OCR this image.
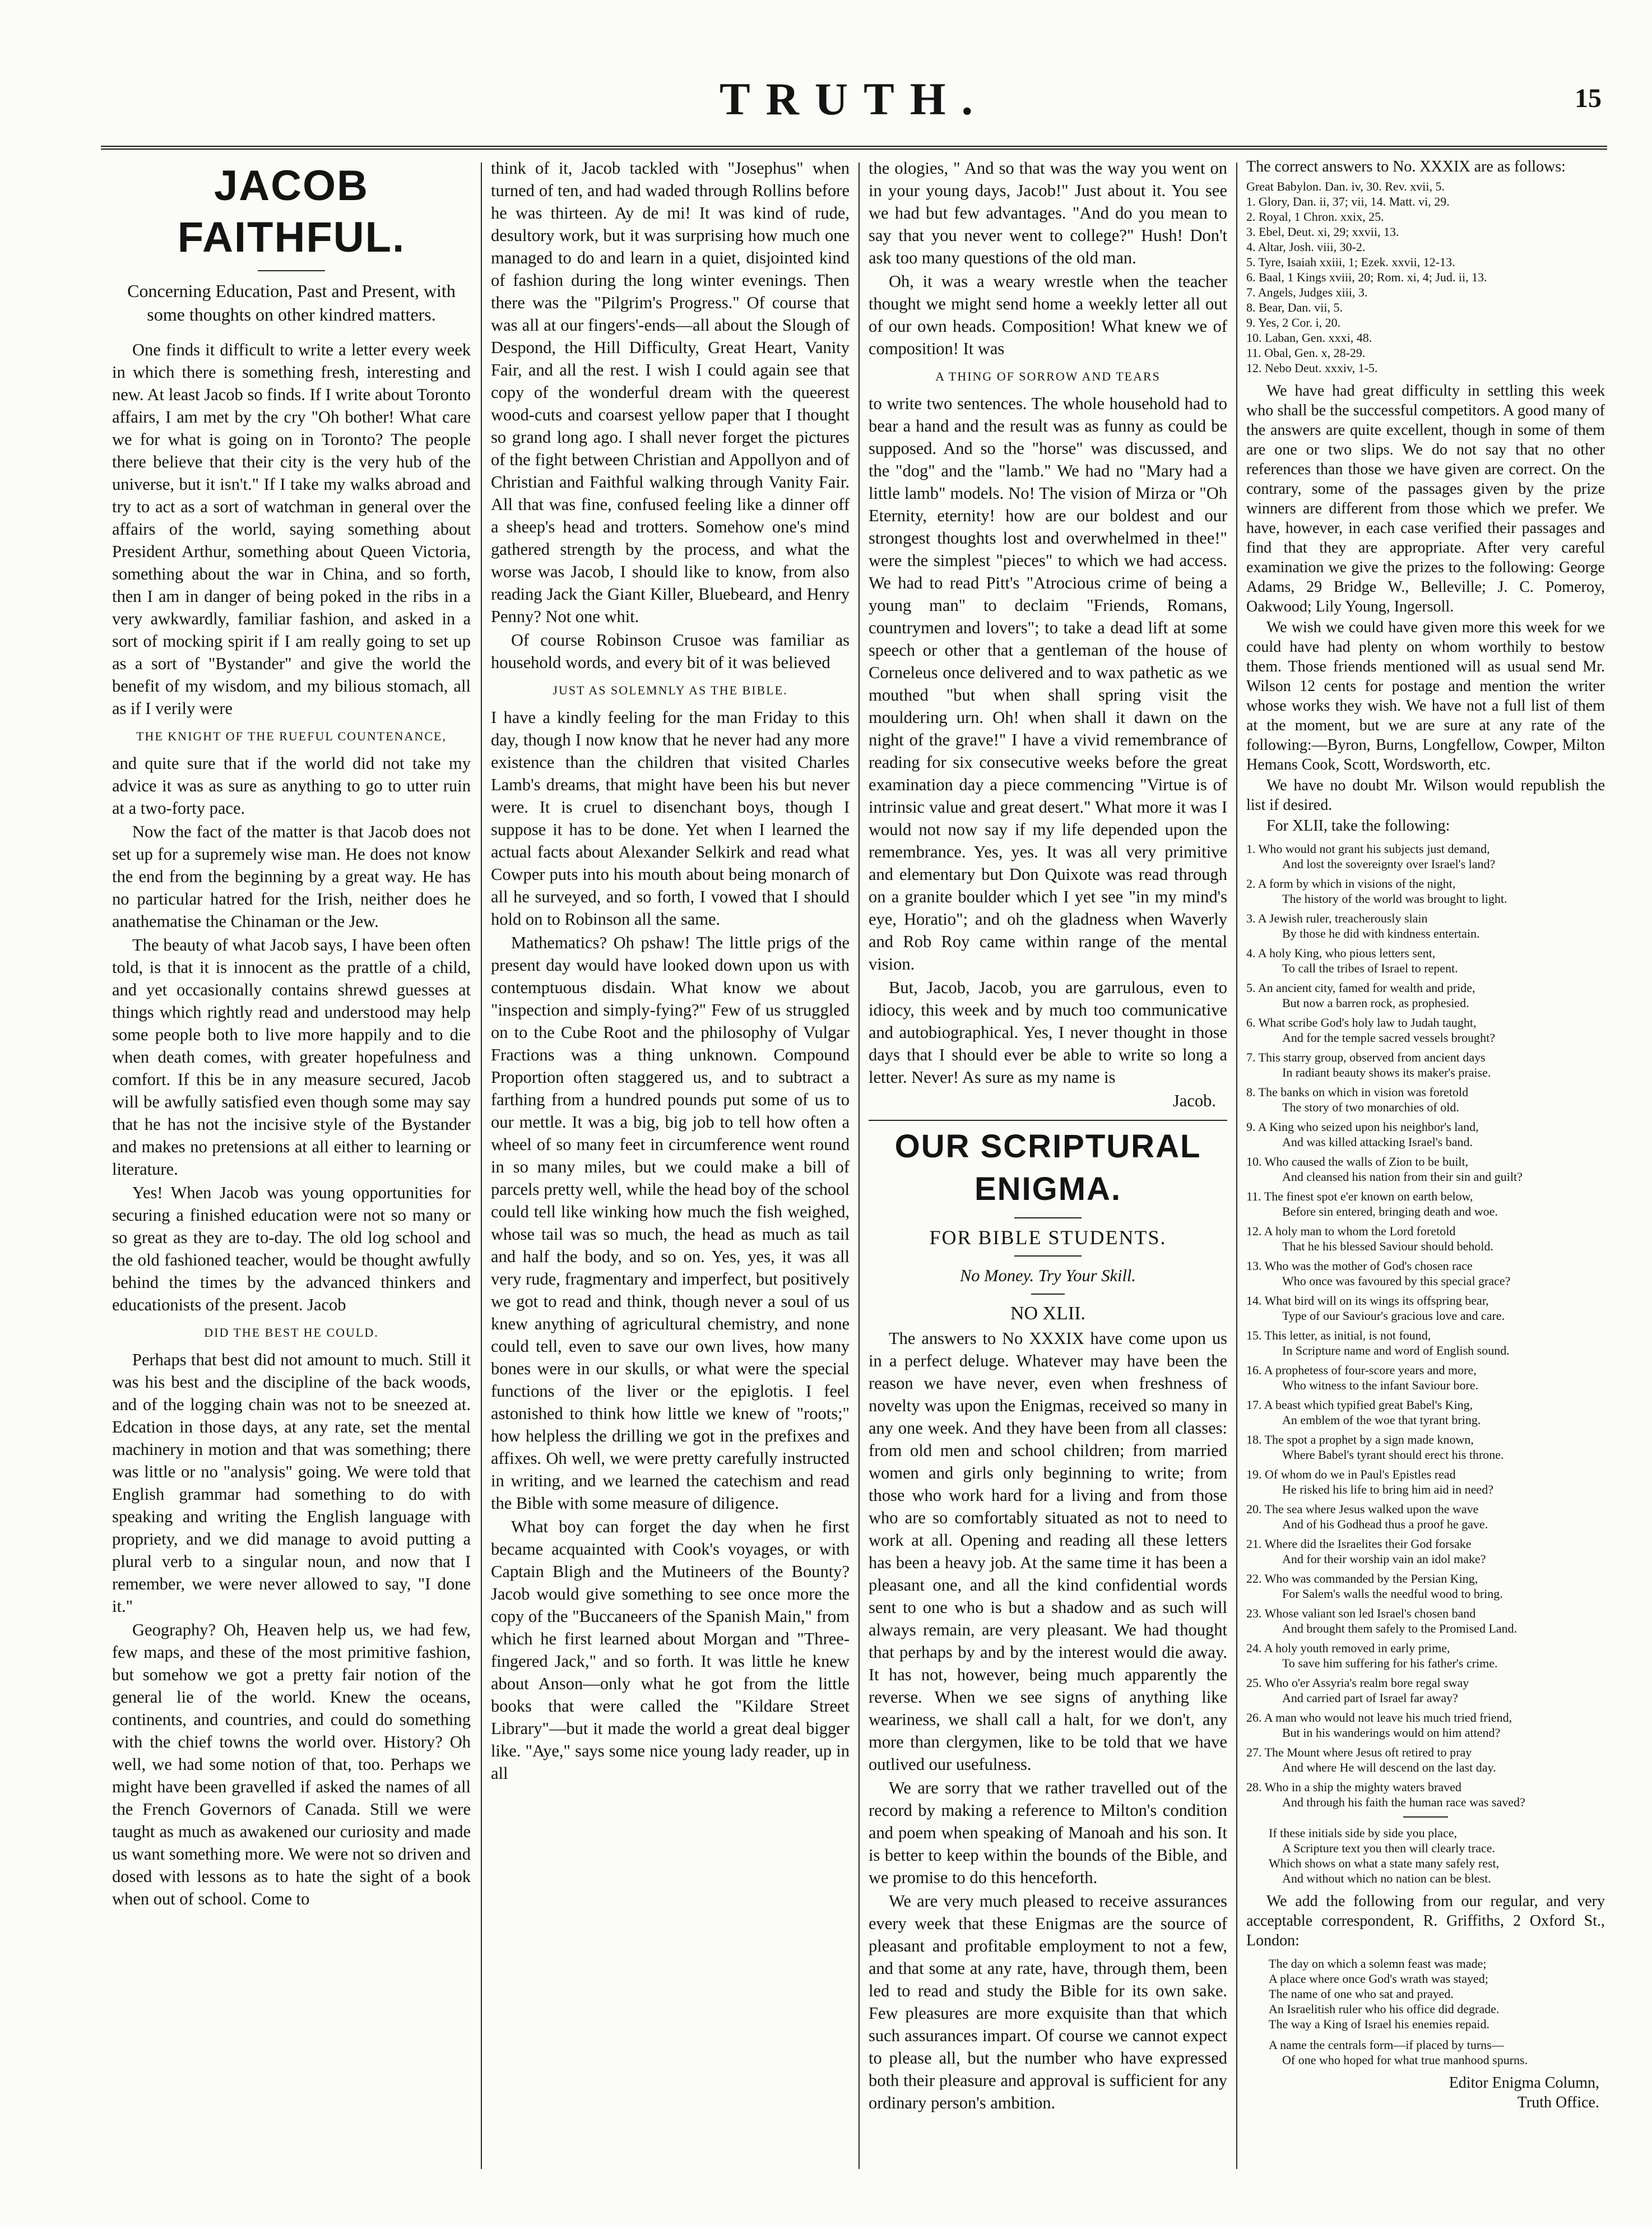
TRUTH.	15
JACOB FAITHFUL.
Concerning Education, Past and Present, with some thoughts on other kindred matters.

One finds it difficult to write a letter every week in which there is something fresh, interesting and new. At least Jacob so finds. If I write about Toronto affairs, I am met by the cry "Oh bother! What care we for what is going on in Toronto? The people there believe that their city is the very hub of the universe, but it isn't." If I take my walks abroad and try to act as a sort of watchman in general over the affairs of the world, saying something about President Arthur, something about Queen Victoria, something about the war in China, and so forth, then I am in danger of being poked in the ribs in a very awkwardly, familiar fashion, and asked in a sort of mocking spirit if I am really going to set up as a sort of "Bystander" and give the world the benefit of my wisdom, and my bilious stomach, all as if I verily were

THE KNIGHT OF THE RUEFUL COUNTENANCE,

and quite sure that if the world did not take my advice it was as sure as anything to go to utter ruin at a two-forty pace.

Now the fact of the matter is that Jacob does not set up for a supremely wise man. He does not know the end from the beginning by a great way. He has no particular hatred for the Irish, neither does he anathematise the Chinaman or the Jew.

The beauty of what Jacob says, I have been often told, is that it is innocent as the prattle of a child, and yet occasionally contains shrewd guesses at things which rightly read and understood may help some people both to live more happily and to die when death comes, with greater hopefulness and comfort. If this be in any measure secured, Jacob will be awfully satisfied even though some may say that he has not the incisive style of the Bystander and makes no pretensions at all either to learning or literature.

Yes! When Jacob was young opportunities for securing a finished education were not so many or so great as they are to-day. The old log school and the old fashioned teacher, would be thought awfully behind the times by the advanced thinkers and educationists of the present. Jacob

DID THE BEST HE COULD.

Perhaps that best did not amount to much. Still it was his best and the discipline of the back woods, and of the logging chain was not to be sneezed at. Edcation in those days, at any rate, set the mental machinery in motion and that was something; there was little or no "analysis" going. We were told that English grammar had something to do with speaking and writing the English language with propriety, and we did manage to avoid putting a plural verb to a singular noun, and now that I remember, we were never allowed to say, "I done it."

Geography? Oh, Heaven help us, we had few, few maps, and these of the most primitive fashion, but somehow we got a pretty fair notion of the general lie of the world. Knew the oceans, continents, and countries, and could do something with the chief towns the world over. History? Oh well, we had some notion of that, too. Perhaps we might have been gravelled if asked the names of all the French Governors of Canada. Still we were taught as much as awakened our curiosity and made us want something more. We were not so driven and dosed with lessons as to hate the sight of a book when out of school. Come to

think of it, Jacob tackled with "Josephus" when turned of ten, and had waded through Rollins before he was thirteen. Ay de mi! It was kind of rude, desultory work, but it was surprising how much one managed to do and learn in a quiet, disjointed kind of fashion during the long winter evenings. Then there was the "Pilgrim's Progress." Of course that was all at our fingers'-ends—all about the Slough of Despond, the Hill Difficulty, Great Heart, Vanity Fair, and all the rest. I wish I could again see that copy of the wonderful dream with the queerest wood-cuts and coarsest yellow paper that I thought so grand long ago. I shall never forget the pictures of the fight between Christian and Appollyon and of Christian and Faithful walking through Vanity Fair. All that was fine, confused feeling like a dinner off a sheep's head and trotters. Somehow one's mind gathered strength by the process, and what the worse was Jacob, I should like to know, from also reading Jack the Giant Killer, Bluebeard, and Henry Penny? Not one whit.

Of course Robinson Crusoe was familiar as household words, and every bit of it was believed

JUST AS SOLEMNLY AS THE BIBLE.

I have a kindly feeling for the man Friday to this day, though I now know that he never had any more existence than the children that visited Charles Lamb's dreams, that might have been his but never were. It is cruel to disenchant boys, though I suppose it has to be done. Yet when I learned the actual facts about Alexander Selkirk and read what Cowper puts into his mouth about being monarch of all he surveyed, and so forth, I vowed that I should hold on to Robinson all the same.

Mathematics? Oh pshaw! The little prigs of the present day would have looked down upon us with contemptuous disdain. What know we about "inspection and simply-fying?" Few of us struggled on to the Cube Root and the philosophy of Vulgar Fractions was a thing unknown. Compound Proportion often staggered us, and to subtract a farthing from a hundred pounds put some of us to our mettle. It was a big, big job to tell how often a wheel of so many feet in circumference went round in so many miles, but we could make a bill of parcels pretty well, while the head boy of the school could tell like winking how much the fish weighed, whose tail was so much, the head as much as tail and half the body, and so on. Yes, yes, it was all very rude, fragmentary and imperfect, but positively we got to read and think, though never a soul of us knew anything of agricultural chemistry, and none could tell, even to save our own lives, how many bones were in our skulls, or what were the special functions of the liver or the epiglotis. I feel astonished to think how little we knew of "roots;" how helpless the drilling we got in the prefixes and affixes. Oh well, we were pretty carefully instructed in writing, and we learned the catechism and read the Bible with some measure of diligence.

What boy can forget the day when he first became acquainted with Cook's voyages, or with Captain Bligh and the Mutineers of the Bounty? Jacob would give something to see once more the copy of the "Buccaneers of the Spanish Main," from which he first learned about Morgan and "Three-fingered Jack," and so forth. It was little he knew about Anson—only what he got from the little books that were called the "Kildare Street Library"—but it made the world a great deal bigger like. "Aye," says some nice young lady reader, up in all

the ologies, " And so that was the way you went on in your young days, Jacob!" Just about it. You see we had but few advantages. "And do you mean to say that you never went to college?" Hush! Don't ask too many questions of the old man.

Oh, it was a weary wrestle when the teacher thought we might send home a weekly letter all out of our own heads. Composition! What knew we of composition! It was

A THING OF SORROW AND TEARS

to write two sentences. The whole household had to bear a hand and the result was as funny as could be supposed. And so the "horse" was discussed, and the "dog" and the "lamb." We had no "Mary had a little lamb" models. No! The vision of Mirza or "Oh Eternity, eternity! how are our boldest and our strongest thoughts lost and overwhelmed in thee!" were the simplest "pieces" to which we had access. We had to read Pitt's "Atrocious crime of being a young man" to declaim "Friends, Romans, countrymen and lovers"; to take a dead lift at some speech or other that a gentleman of the house of Corneleus once delivered and to wax pathetic as we mouthed "but when shall spring visit the mouldering urn. Oh! when shall it dawn on the night of the grave!" I have a vivid remembrance of reading for six consecutive weeks before the great examination day a piece commencing "Virtue is of intrinsic value and great desert." What more it was I would not now say if my life depended upon the remembrance. Yes, yes. It was all very primitive and elementary but Don Quixote was read through on a granite boulder which I yet see "in my mind's eye, Horatio"; and oh the gladness when Waverly and Rob Roy came within range of the mental vision.

But, Jacob, Jacob, you are garrulous, even to idiocy, this week and by much too communicative and autobiographical. Yes, I never thought in those days that I should ever be able to write so long a letter. Never! As sure as my name is

Jacob.
OUR SCRIPTURAL ENIGMA.
FOR BIBLE STUDENTS.
No Money. Try Your Skill.
NO XLII.

The answers to No XXXIX have come upon us in a perfect deluge. Whatever may have been the reason we have never, even when freshness of novelty was upon the Enigmas, received so many in any one week. And they have been from all classes: from old men and school children; from married women and girls only beginning to write; from those who work hard for a living and from those who are so comfortably situated as not to need to work at all. Opening and reading all these letters has been a heavy job. At the same time it has been a pleasant one, and all the kind confidential words sent to one who is but a shadow and as such will always remain, are very pleasant. We had thought that perhaps by and by the interest would die away. It has not, however, being much apparently the reverse. When we see signs of anything like weariness, we shall call a halt, for we don't, any more than clergymen, like to be told that we have outlived our usefulness.

We are sorry that we rather travelled out of the record by making a reference to Milton's condition and poem when speaking of Manoah and his son. It is better to keep within the bounds of the Bible, and we promise to do this henceforth.

We are very much pleased to receive assurances every week that these Enigmas are the source of pleasant and profitable employment to not a few, and that some at any rate, have, through them, been led to read and study the Bible for its own sake. Few pleasures are more exquisite than that which such assurances impart. Of course we cannot expect to please all, but the number who have expressed both their pleasure and approval is sufficient for any ordinary person's ambition.

The correct answers to No. XXXIX are as follows:

Great Babylon. Dan. iv, 30. Rev. xvii, 5.
1. Glory, Dan. ii, 37; vii, 14. Matt. vi, 29.
2. Royal, 1 Chron. xxix, 25.
3. Ebel, Deut. xi, 29; xxvii, 13.
4. Altar, Josh. viii, 30-2.
5. Tyre, Isaiah xxiii, 1; Ezek. xxvii, 12-13.
6. Baal, 1 Kings xviii, 20; Rom. xi, 4; Jud. ii, 13.
7. Angels, Judges xiii, 3.
8. Bear, Dan. vii, 5.
9. Yes, 2 Cor. i, 20.
10. Laban, Gen. xxxi, 48.
11. Obal, Gen. x, 28-29.
12. Nebo Deut. xxxiv, 1-5.

We have had great difficulty in settling this week who shall be the successful competitors. A good many of the answers are quite excellent, though in some of them are one or two slips. We do not say that no other references than those we have given are correct. On the contrary, some of the passages given by the prize winners are different from those which we prefer. We have, however, in each case verified their passages and find that they are appropriate. After very careful examination we give the prizes to the following: George Adams, 29 Bridge W., Belleville; J. C. Pomeroy, Oakwood; Lily Young, Ingersoll.

We wish we could have given more this week for we could have had plenty on whom worthily to bestow them. Those friends mentioned will as usual send Mr. Wilson 12 cents for postage and mention the writer whose works they wish. We have not a full list of them at the moment, but we are sure at any rate of the following:—Byron, Burns, Longfellow, Cowper, Milton Hemans Cook, Scott, Wordsworth, etc.

We have no doubt Mr. Wilson would republish the list if desired.

For XLII, take the following:

1. Who would not grant his subjects just demand,
And lost the sovereignty over Israel's land?
2. A form by which in visions of the night,
The history of the world was brought to light.
3. A Jewish ruler, treacherously slain
By those he did with kindness entertain.
4. A holy King, who pious letters sent,
To call the tribes of Israel to repent.
5. An ancient city, famed for wealth and pride,
But now a barren rock, as prophesied.
6. What scribe God's holy law to Judah taught,
And for the temple sacred vessels brought?
7. This starry group, observed from ancient days
In radiant beauty shows its maker's praise.
8. The banks on which in vision was foretold
The story of two monarchies of old.
9. A King who seized upon his neighbor's land,
And was killed attacking Israel's band.
10. Who caused the walls of Zion to be built,
And cleansed his nation from their sin and guilt?
11. The finest spot e'er known on earth below,
Before sin entered, bringing death and woe.
12. A holy man to whom the Lord foretold
That he his blessed Saviour should behold.
13. Who was the mother of God's chosen race
Who once was favoured by this special grace?
14. What bird will on its wings its offspring bear,
Type of our Saviour's gracious love and care.
15. This letter, as initial, is not found,
In Scripture name and word of English sound.
16. A prophetess of four-score years and more,
Who witness to the infant Saviour bore.
17. A beast which typified great Babel's King,
An emblem of the woe that tyrant bring.
18. The spot a prophet by a sign made known,
Where Babel's tyrant should erect his throne.
19. Of whom do we in Paul's Epistles read
He risked his life to bring him aid in need?
20. The sea where Jesus walked upon the wave
And of his Godhead thus a proof he gave.
21. Where did the Israelites their God forsake
And for their worship vain an idol make?
22. Who was commanded by the Persian King,
For Salem's walls the needful wood to bring.
23. Whose valiant son led Israel's chosen band
And brought them safely to the Promised Land.
24. A holy youth removed in early prime,
To save him suffering for his father's crime.
25. Who o'er Assyria's realm bore regal sway
And carried part of Israel far away?
26. A man who would not leave his much tried friend,
But in his wanderings would on him attend?
27. The Mount where Jesus oft retired to pray
And where He will descend on the last day.
28. Who in a ship the mighty waters braved
And through his faith the human race was saved?
If these initials side by side you place,
A Scripture text you then will clearly trace.
Which shows on what a state many safely rest,
And without which no nation can be blest.

We add the following from our regular, and very acceptable correspondent, R. Griffiths, 2 Oxford St., London:

The day on which a solemn feast was made;
A place where once God's wrath was stayed;
The name of one who sat and prayed.
An Israelitish ruler who his office did degrade.
The way a King of Israel his enemies repaid.
A name the centrals form—if placed by turns—
Of one who hoped for what true manhood spurns.
Editor Enigma Column,
Truth Office.
